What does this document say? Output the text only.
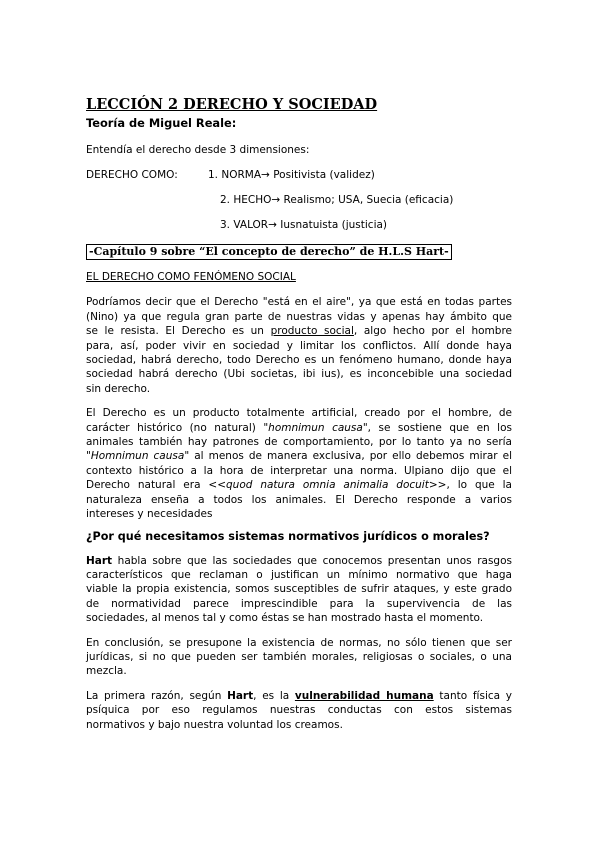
LECCIÓN 2 DERECHO Y SOCIEDAD
Teoría de Miguel Reale:
Entendía el derecho desde 3 dimensiones:
DERECHO COMO:	1. NORMA→ Positivista (validez)
2. HECHO→ Realismo; USA, Suecia (eficacia)
3. VALOR→ Iusnatuista (justicia)
-Capítulo 9 sobre “El concepto de derecho” de H.L.S Hart-
EL DERECHO COMO FENÓMENO SOCIAL
Podríamos decir que el Derecho "está en el aire", ya que está en todas partes
(Nino) ya que regula gran parte de nuestras vidas y apenas hay ámbito que
se le resista. El Derecho es un producto social, algo hecho por el hombre
para, así, poder vivir en sociedad y limitar los conflictos. Allí donde haya
sociedad, habrá derecho, todo Derecho es un fenómeno humano, donde haya
sociedad habrá derecho (Ubi societas, ibi ius), es inconcebible una sociedad
sin derecho.
El Derecho es un producto totalmente artificial, creado por el hombre, de
carácter histórico (no natural) "homnimun causa", se sostiene que en los
animales también hay patrones de comportamiento, por lo tanto ya no sería
"Homnimun causa" al menos de manera exclusiva, por ello debemos mirar el
contexto histórico a la hora de interpretar una norma. Ulpiano dijo que el
Derecho natural era <<quod natura omnia animalia docuit>>, lo que la
naturaleza enseña a todos los animales. El Derecho responde a varios
intereses y necesidades
¿Por qué necesitamos sistemas normativos jurídicos o morales?
Hart habla sobre que las sociedades que conocemos presentan unos rasgos
característicos que reclaman o justifican un mínimo normativo que haga
viable la propia existencia, somos susceptibles de sufrir ataques, y este grado
de normatividad parece imprescindible para la supervivencia de las
sociedades, al menos tal y como éstas se han mostrado hasta el momento.
En conclusión, se presupone la existencia de normas, no sólo tienen que ser
jurídicas, si no que pueden ser también morales, religiosas o sociales, o una
mezcla.
La primera razón, según Hart, es la vulnerabilidad humana tanto física y
psíquica por eso regulamos nuestras conductas con estos sistemas
normativos y bajo nuestra voluntad los creamos.
